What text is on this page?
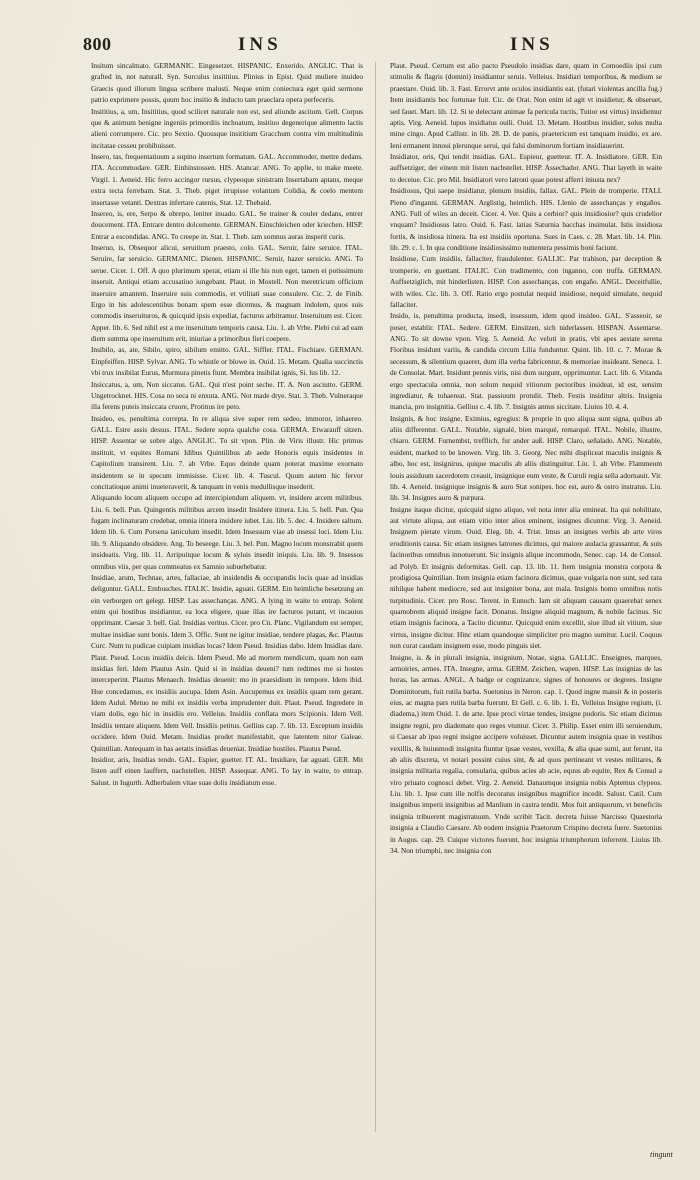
800	INS	INS

Insitum sincalmato. GERMANIC. Eingesetzet. HISPANIC. Enxerido. ANGLIC. That is grafted in, not naturall. Syn. Surculus insititius. Plinius in Epist. Quid muliere inuideo Graecis quod illorum lingua scribere malusti. Neque enim coniectura eget quid sermone patrio exprimere possis, quum hoc insitio & inducto tam praeclara opera perfeceris.

Insititius, a, um, Insititius, quod scilicet naturale non est, sed aliunde ascitum. Gell. Corpus que & animum benigne ingeniis primordiis inchoatum, insitiuo degenerique alimento lactis alieni corrumpere. Cic. pro Sextio. Quousque insititium Gracchum contra vim multitudinis incitatae cesseu prohibuisset.

Insero, tas, frequentatiuum a supino insertum formatum. GAL. Accommoder, mettre dedans. ITA. Accommodare. GER. Einhinstossen. HIS. Atancar. ANG. To applie, to make meete. Virgil. 1. Aeneid. Hic ferro accingor rursus, clypeoque sinistram Insertabam aptans, meque extra tecta ferrebam. Stat. 3. Theb. piget irrupisse volantum Colidia, & coelo mentem insertasse vetanti. Dextras infertare catenis, Stat. 12. Thebaid.

Insereo, is, ere, Serpo & obrepo, leniter inuado. GAL. Se trainer & couler dedans, entrer doucement. ITA. Entrare dentro dolcemente. GERMAN. Einschleichen oder kriechen. HISP. Entrar a escondidas. ANG. To creepe in. Stat. 1. Theb. iam somnus auras insperit curis.

Inseruo, is, Obsequor alicui, seruitium praesto, colo. GAL. Seruir, faire seruice. ITAL. Seruire, far seruicio. GERMANIC. Dienen. HISPANIC. Seruir, hazer seruicio. ANG. To serue. Cicer. 1. Off. A quo plurimum sperat, etiam si ille his non eget, tamen ei potissimum inseruit. Antiqui etiam accusatiuo iungebant. Plaut. in Mostell. Non meretricum officium inseruire amantem. Inseruire suis commodis, et vtilitati suae consulere. Cic. 2. de Finib. Ergo in his adolescentibus bonam spem esse dicemus, & magnam indolem, quos suis commodis inseruituros, & quicquid ipsis expediat, facturos arbitramur. Inseruitum est. Cicer. Apper. lib. 6. Sed nihil est a me inseruitum temporis causa. Liu. 1. ab Vrbe. Plebi cui ad eam diem summa ope inseruitum erit, iniuriae a primoribus fieri coepere.

Insibilo, as, ate, Sibilo, spiro, sibilum emitto. GAL. Siffler. ITAL. Fischiare. GERMAN. Einpfeiffen. HISP. Sylvar. ANG. To whistle or blowe in. Ouid. 15. Metam. Qualia succinctis vbi trux insibilat Eurus, Murmura pinetis fiunt. Membra insibilat ignis, Si. lus lib. 12.

Insiccatus, a, um, Non siccatus. GAL. Qui n'est point seche. IT. A. Non asciutto. GERM. Ungetrocknet. HIS. Cosa no seca ni enxuta. ANG. Not made drye. Stat. 3. Theb. Vulneraque illa ferens puteis insiccata cruore, Protinus ire peto.

Insideo, es, penultima correpta. In re aliqua sive super rem sedeo, immoror, inhaereo. GALL. Estre assis dessus. ITAL. Sedere sopra qualche cosa. GERMA. Etwarauff sitzen. HISP. Assentar se sobre algo. ANGLIC. To sit vpon. Plin. de Viris illustr. Hic primus instituit, vt equites Romani Idibus Quintilibus ab aede Honoris equis insidentes in Capitolium transirent. Liu. 7. ab Vrbe. Equo deinde quam poterat maxime exornato insidentem se in specum immisisse. Cicer. lib. 4. Tuscul. Quum autem hic fervor concitatioque animi inueteraverit, & tanquam in venis medullisque insederit.

Aliquando locum aliquem occupo ad intercipiendum aliquem. vt, insidere arcem militibus. Liu. 6. bell. Pun. Quingentis militibus arcem insedit Insidere itinera. Liu. 5. bell. Pun. Qua fugam inclinaturam credebat, omnia itinera insidere iubet. Liu. lib. 5. dec. 4. Insidere saltum. Idem lib. 6. Cum Porsena ianiculum insedit. Idem Insessum viae ab insessi loci. Idem Liu. lib. 9. Aliquando obsidere. Ang. To beseege. Liu. 3. bel. Pun. Magno locum monstrabit quem insideatis. Virg. lib. 11. Arripuitque locum & syluis insedit iniquis. Liu. lib. 9. Insessos omnibus viis, per quas commeatus ex Samnio subuehebatur.

Insidiae, arum, Technae, artes, fallaciae, ab insidendis & occupandis locis quae ad insidias deliguntur. GALL. Embusches. ITALIC. Insidie, aguati. GERM. Ein heimliche besetzung an ein verborgen ort gelegt. HISP. Las assechanças. ANG. A lying in waite to entrap. Solent enim qui hostibus insidiantur, ea loca eligere, quae illas ire facturos putant, vt incautos opprimant. Caesar 3. bell. Gal. Insidias veritus. Cicer. pro Cn. Planc. Vigilandum est semper, multae insidiae sunt bonis. Idem 3. Offic. Sunt ne igitur insidiae, tendere plagas, &c. Plautus Curc. Num tu pudicae cuipiam insidias locas? Idem Pseud. Insidias dabo. Idem Insidias dare. Plaut. Pseud. Locus insidiis deicis. Idem Pseud. Me ad mortem mendicum, quam non eam insidias feri. Idem Plautus Asin. Quid si in insidias deueni? tum redimes me si hostes interceperint. Plautus Menaech. Insidias deuenit: mo in praesidium in tempore. Idem ibid. Hue concedamus, ex insidiis aucupa. Idem Asin. Aucupemus ex insidiis quam rem gerant. Idem Aulul. Metuo ne mihi ex insidiis verba imprudenter duit. Plaut. Pseud. Ingredere in viam dolis, ego hic in insidiis ero. Velleius. Insidiis conflata mors Scipionis. Idem Vell. Insidiis tentare aliquem. Idem Vell. Insidiis petitus. Gellius cap. 7. lib. 13. Exceptum insidiis occidere. Idem Ouid. Metam. Insidias prodet manifestabit, que latentem nitor Galeae. Quintilian. Antequam in has aetatis insidias deueniat. Insidiae hostiles. Plautus Pseud.

Insidior, aris, Insidias tendo. GAL. Espier, guetter. IT. AL. Insidiare, far aguati. GER. Mit listen auff einen lauffern, nachstellen. HISP. Assequar. ANG. To lay in waite, to entrap. Salust. in Iugurth. Adherbalem vitae suae dolis insidiatum esse.

Plaut. Pseud. Certum est alio pacto Pseudolo insidias dare, quam in Comoediis ipsi cum stimulis & flagris (domini) insidiantur seruis. Velleius. Insidiari temporibus, & medium se praestare. Ouid. lib. 3. Fast. Errorvt ante oculos insidiantis eat. (futari violentas ancilla fug.) Item insidiantis hoc fortunae fuit. Cic. de Orat. Non enim id agit vt insidietur, & obseruet, sed fauet. Mart. lib. 12. Si te delectant animae fa pericula tuctis, Tutior est virtus) insidiemur aptis. Virg. Aeneid. lupus insidiatus ouili. Ouid. 13. Metam. Hostibus insidier, solus multa mine cingo. Apud Callistr. in lib. 28. D. de panis, praetericum est tanquam insidio, ex are. Ieni ermanent innoui plerunque serui, qui falsi dominorum fortiam insidiauerint.

Insidiator, oris, Qui tendit insidias. GAL. Espieur, guetteur. IT. A. Insidiatore. GER. Ein auffsetziger, der einem mit listen nachstellet. HISP. Assechador. ANG. That layeth in waite to deceiue. Cic. pro Mil. Insidiatori vero latroni quae potest afferri iniusta nex?

Insidiosus, Qui saepe insidiatur, plenum insidiis, fallax. GAL. Plein de tromperie. ITALI. Pieno d'inganni. GERMAN. Arglistig, heimlich. HIS. Llenio de assechanças y engaños. ANG. Full of wiles an deceit. Cicer. 4. Ver. Quis a cerbior? quis insidiosior? quis crudelior vnquam? Insidiosus latro. Ouid. 6. Fast. latias Saturnia bacchas insimulat. Istis insidiosa fortis, & insidiosa itinera. Ita est insidiis oportuna. Sues in Caes. c. 28. Mart. lib. 14. Plin. lib. 29. c. 1. In qua conditione insidiosissimo nuttentera pessimis boni faciunt.

Insidiose, Cum insidiis, fallaciter, fraudulenter. GALLIC. Par trahison, par deception & tromperie, en guettant. ITALIC. Con tradimento, con inganno, con truffa. GERMAN. Auffsetziglich, mit hinderlisten. HISP. Con assechanças, con engaño. ANGL. Deceitfullie, with wiles. Cic. lib. 3. Off. Ratio ergo postulat nequid insidiose, nequid simulate, nequid fallaciter.

Insido, is, penultima producta, insedi, insessum, idem quod insideo. GAL. S'asseoir, se poser, establir. ITAL. Sedere. GERM. Einsitzen, sich niderlassen. HISPAN. Assentarse. ANG. To sit downe vpon. Virg. 5. Aeneid. Ac veluti in pratis, vbi apes aestate serena Floribus insidunt variis, & candida circum Lilia funduntur. Quint. lib. 10. c. 7. Morae & secessum, & silentium quaeret, dum illa verba fabricentur, & memoriae insideant. Seneca. 1. de Consolat. Mart. Insidunt pennis viris, nisi dum surgunt, opprimuntur. Lact. lib. 6. Vitanda ergo spectacula omnia, non solum nequid vitiorum pectoribus insideat, id est, sensim ingrediatur, & tohaereat. Stat. passiuum protulit. Theb. Festis insiditur altris. Insignia mancia, pro insignitia. Gellius c. 4. lib. 7. Insignis annus siccitate. Liuius 10. 4. 4.

Insignis, & hoc insigne, Eximius, egregius: & proprie in quo aliqua sunt signa, quibus ab aliis differentur. GALL. Notable, signalé, bien marqué, remarqué. ITAL. Nobile, illustre, chiaro. GERM. Furnembst, trefflich, fur ander auß. HISP. Claro, señalado. ANG. Notable, euident, marked to be knowen. Virg. lib. 3. Georg. Nec mihi displiceat maculis insignis & albo, hoc est, insignirus, quique maculis ab aliis distinguitur. Liu. 1. ab Vrbe. Flammeum louis assiduum sacerdotem creauit, insignique eum veste, & Curuli regia sella adornauit. Vir. lib. 4. Aeneid. insignique insignis & auro Stat sonipes. hoc est, auro & ostro instratus. Liu. lib. 34. Insignes auro & purpura.

Insigne itaque dicitur, quicquid signo aliquo, vel nota inter alia emineat. Ita qui nobilitate, aut virtute aliqua, aut etiam vitio inter alios eminent, insignes dicuntur. Virg. 3. Aeneid. Insignem pietate virum. Ouid. Eleg. lib. 4. Trist. Imus an insignes verbis ab arte viros eruditionis causa. Sic etiam insignes latrones dicimus, qui maiore audacia grassantur, & suis facinoribus omnibus innotuerunt. Sic insignis alique incommodo, Senec. cap. 14. de Consol. ad Polyb. Et insignis deformitas. Gell. cap. 13. lib. 11. Item insignia monstra corpora & prodigiosa Quintilian. Item insignia etiam facinora dicimus, quae vulgaria non sunt, sed rara nihilque habent mediocre, sed aut insigniter bona, aut mala. Insignis homo omnibus notis turpitudinis. Cicer. pro Rosc. Terent. in Eunuch. Iam sit aliquam causam quaerebat senex quamobrem aliquid insigne facit. Donatus. Insigne aliquid magnum, & nobile facinus. Sic etiam insignis facinora, a Tacito dicuntur. Quicquid enim excellit, siue illud sit vitium, siue virtus, insigne dicitur. Hinc etiam quandoque simpliciter pro magno sumitur. Lucil. Coquus non curat caudam insignem esse, modo pinguis siet.

Insigne, is. & in plurali insignia, insignium. Notae, signa. GALLIC. Enseignes, marques, armoiries, armes. ITA. Insegne, arma. GERM. Zeichen, wapen. HISP. Las insignias de las horas, las armas. ANGL. A badge or cognizance, signes of honoures or degrees. Insigne Dominitorum, fuit rutila barba. Suetonius in Neron. cap. 1. Quod ingne mansit & in posteris eius, ac magna pars rutila barba fuerunt. Et Gell. c. 6. lib. 1. Et, Velleius Insigne regium, (i. diadema,) item Ouid. 1. de arte. Ipse proci virtae tendes, insigne pudoris. Sic etiam dicimus insigne regni, pro diademate quo reges vtuntur. Cicer. 3. Philip. Esset enim illi seruiendum, si Caesar ab ipso regni insigne accipere voluisset. Dicuntur autem insignia quae in vestibus vexillis, & huiusmodi insignita fiuntur ipsae vestes, vexilla, & alia quae sumi, aut ferunt, ita ab aliis discreta, vt notari possint cuius sint, & ad quos pertineant vt vestes militares, & insignia militaria regalia, consularia, quibus acies ab acie, equus ab equite, Rex & Consul a viro priuato cognosci debet. Virg. 2. Aeneid. Danaumque insignia nobis Aptemus clypeos. Liu. lib. 1. Ipse cum ille nolfis decoratus insignibus magnifice incedit. Salust. Catil. Cum insignibus imperii insignibus ad Manlium in castra tendit. Mos fuit antiquorum, vt beneficiis insignia tribuerent magistratuum. Vnde scribit Tacit. decreta fuisse Narcisso Quaestoria insignia a Claudio Caesare. Ab eodem insignia Praetorum Crispino decreta fuere. Suetonius in Augus. cap. 29. Cuique victores fuerunt, hoc insignia triumphorum inferrent. Liuius lib. 34. Non triumphi, nec insignia con

tingunt
